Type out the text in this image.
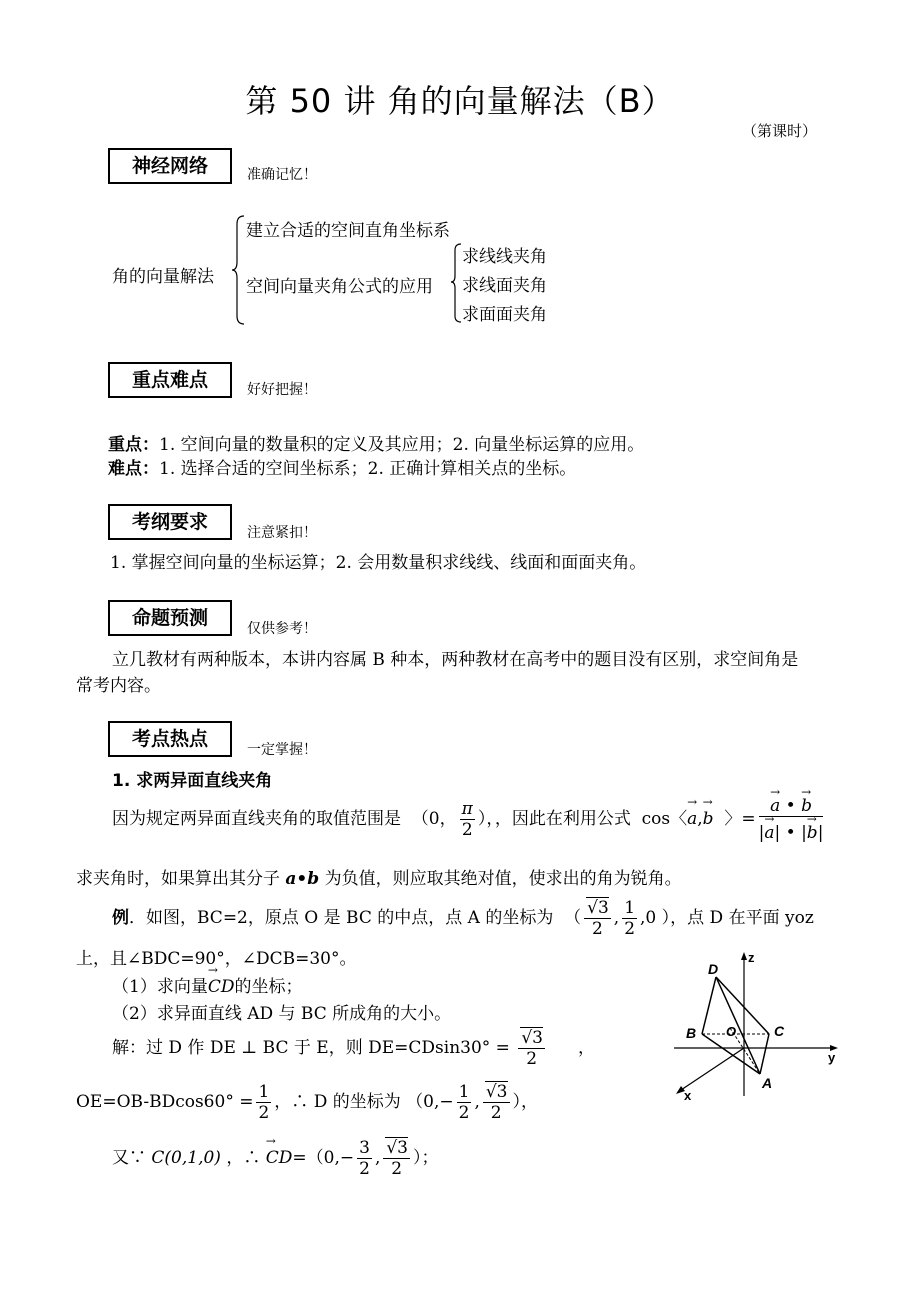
第 50 讲 角的向量解法（B）
（第课时）
神经网络	准确记忆！
角的向量解法
建立合适的空间直角坐标系
空间向量夹角公式的应用
求线线夹角
求线面夹角
求面面夹角
重点难点	好好把握！
重点：1. 空间向量的数量积的定义及其应用；2. 向量坐标运算的应用。
难点：1. 选择合适的空间坐标系；2. 正确计算相关点的坐标。
考纲要求	注意紧扣！
1. 掌握空间向量的坐标运算；2. 会用数量积求线线、线面和面面夹角。
命题预测	仅供参考！
立几教材有两种版本，本讲内容属 B 种本，两种教材在高考中的题目没有区别，求空间角是
常考内容。
考点热点	一定掌握！
1. 求两异面直线夹角
因为规定两异面直线夹角的取值范围是  （0， $\frac{\pi}{2}$ ），，因此在利用公式  cos〈→ a,→ b  〉= → $\frac{a • \to b}{|\to a| • |\to b|}$
求夹角时，如果算出其分子 a•b 为负值，则应取其绝对值，使求出的角为锐角。
例．如图，BC=2，原点 O 是 BC 的中点，点 A 的坐标为  （ $\frac{√3}{2}$ , $\frac{1}{2} ,0$ ），点 D 在平面 yoz
上，且∠BDC=90°，∠DCB=30°。
（1）求向量→ CD的坐标；
（2）求异面直线 AD 与 BC 所成角的大小。
解：过 D 作 DE ⊥ BC 于 E，则 $DE=CDsin30^\circ = \frac{√3}{2}$ ，
$OE=OB-BDcos60^\circ = \frac{1}{2}$ ，∴ D 的坐标为 （$0,- \frac{1}{2}$ , $\frac{√3}{2}$ ），
又∵ C(0,1,0) ，∴ → $CD=(0,- \frac{3}{2}$ , $\frac{√3}{2}$ ）；
D
z
B O	C
y
A
x
